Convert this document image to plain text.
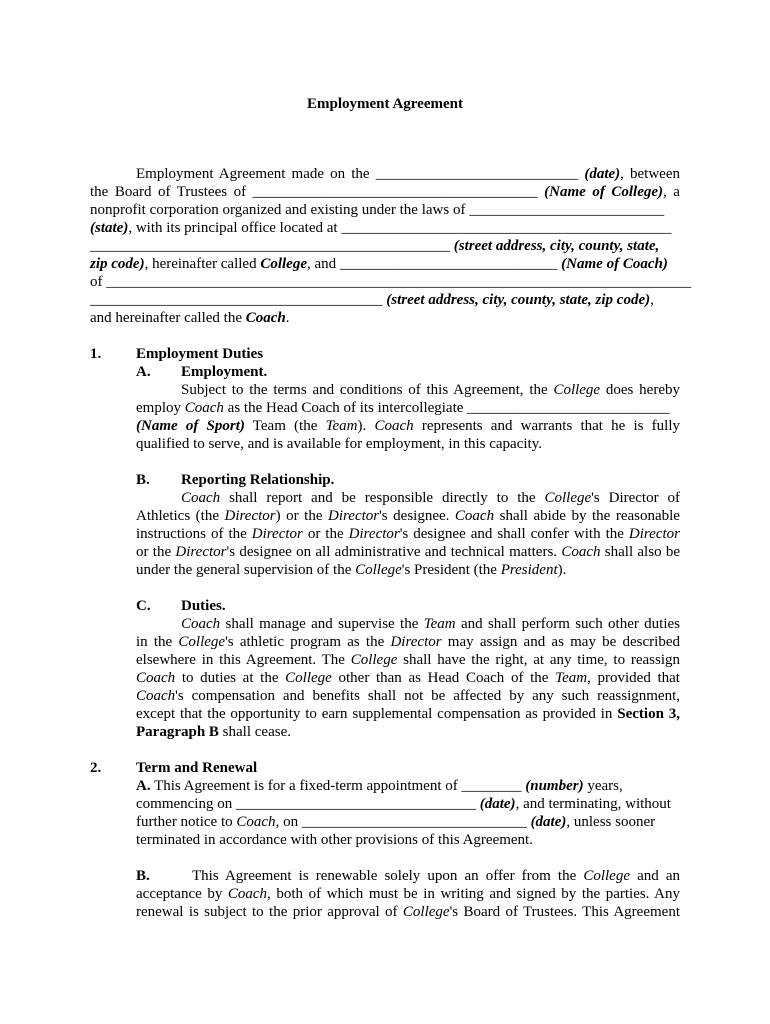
Employment Agreement
Employment Agreement made on the ___________________________ (date), between
the Board of Trustees of ______________________________________ (Name of College), a
nonprofit corporation organized and existing under the laws of __________________________
(state), with its principal office located at ____________________________________________
________________________________________________ (street address, city, county, state,
zip code), hereinafter called College, and _____________________________ (Name of Coach)
of ______________________________________________________________________________
_______________________________________ (street address, city, county, state, zip code),
and hereinafter called the Coach.
1. Employment Duties
A. Employment.
Subject to the terms and conditions of this Agreement, the College does hereby
employ Coach as the Head Coach of its intercollegiate ___________________________
(Name of Sport) Team (the Team). Coach represents and warrants that he is fully
qualified to serve, and is available for employment, in this capacity.
B. Reporting Relationship.
Coach shall report and be responsible directly to the College's Director of
Athletics (the Director) or the Director's designee. Coach shall abide by the reasonable
instructions of the Director or the Director's designee and shall confer with the Director
or the Director's designee on all administrative and technical matters. Coach shall also be
under the general supervision of the College's President (the President).
C. Duties.
Coach shall manage and supervise the Team and shall perform such other duties
in the College's athletic program as the Director may assign and as may be described
elsewhere in this Agreement. The College shall have the right, at any time, to reassign
Coach to duties at the College other than as Head Coach of the Team, provided that
Coach's compensation and benefits shall not be affected by any such reassignment,
except that the opportunity to earn supplemental compensation as provided in Section 3,
Paragraph B shall cease.
2. Term and Renewal
A. This Agreement is for a fixed-term appointment of ________ (number) years,
commencing on ________________________________ (date), and terminating, without
further notice to Coach, on ______________________________ (date), unless sooner
terminated in accordance with other provisions of this Agreement.
B.      This Agreement is renewable solely upon an offer from the College and an
acceptance by Coach, both of which must be in writing and signed by the parties. Any
renewal is subject to the prior approval of College's Board of Trustees. This Agreement
